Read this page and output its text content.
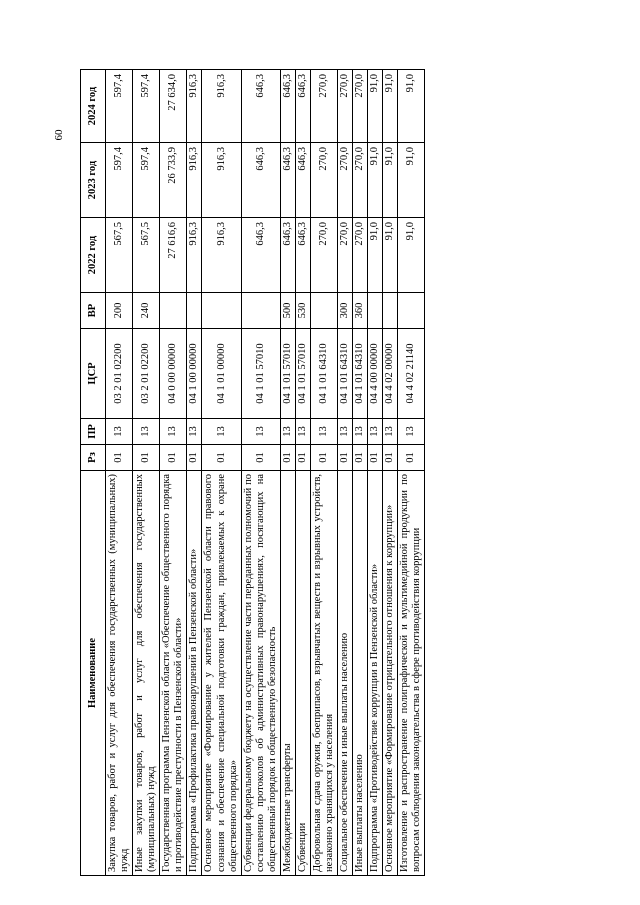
60
Наименование	Рз	ПР	ЦСР	ВР	2022 год	2023 год	2024 год
Закупка товаров, работ и услуг для обеспечения государственных (муниципальных) нужд	01	13	03 2 01 02200	200	567,5	597,4	597,4
Иные закупки товаров, работ и услуг для обеспечения государственных (муниципальных) нужд	01	13	03 2 01 02200	240	567,5	597,4	597,4
Государственная программа Пензенской области «Обеспечение общественного порядка и противодействие преступности в Пензенской области»	01	13	04 0 00 00000		27 616,6	26 733,9	27 634,0
Подпрограмма «Профилактика правонарушений в Пензенской области»	01	13	04 1 00 00000		916,3	916,3	916,3
Основное мероприятие «Формирование у жителей Пензенской области правового сознания и обеспечение специальной подготовки граждан, привлекаемых к охране общественного порядка»	01	13	04 1 01 00000		916,3	916,3	916,3
Субвенции федеральному бюджету на осуществление части переданных полномочий по составлению протоколов об административных правонарушениях, посягающих на общественный порядок и общественную безопасность	01	13	04 1 01 57010		646,3	646,3	646,3
Межбюджетные трансферты	01	13	04 1 01 57010	500	646,3	646,3	646,3
Субвенции	01	13	04 1 01 57010	530	646,3	646,3	646,3
Добровольная сдача оружия, боеприпасов, взрывчатых веществ и взрывных устройств, незаконно хранящихся у населения	01	13	04 1 01 64310		270,0	270,0	270,0
Социальное обеспечение и иные выплаты населению	01	13	04 1 01 64310	300	270,0	270,0	270,0
Иные выплаты населению	01	13	04 1 01 64310	360	270,0	270,0	270,0
Подпрограмма «Противодействие коррупции в Пензенской области»	01	13	04 4 00 00000		91,0	91,0	91,0
Основное мероприятие «Формирование отрицательного отношения к коррупции»	01	13	04 4 02 00000		91,0	91,0	91,0
Изготовление и распространение полиграфической и мультимедийной продукции по вопросам соблюдения законодательства в сфере противодействия коррупции	01	13	04 4 02 21140		91,0	91,0	91,0
